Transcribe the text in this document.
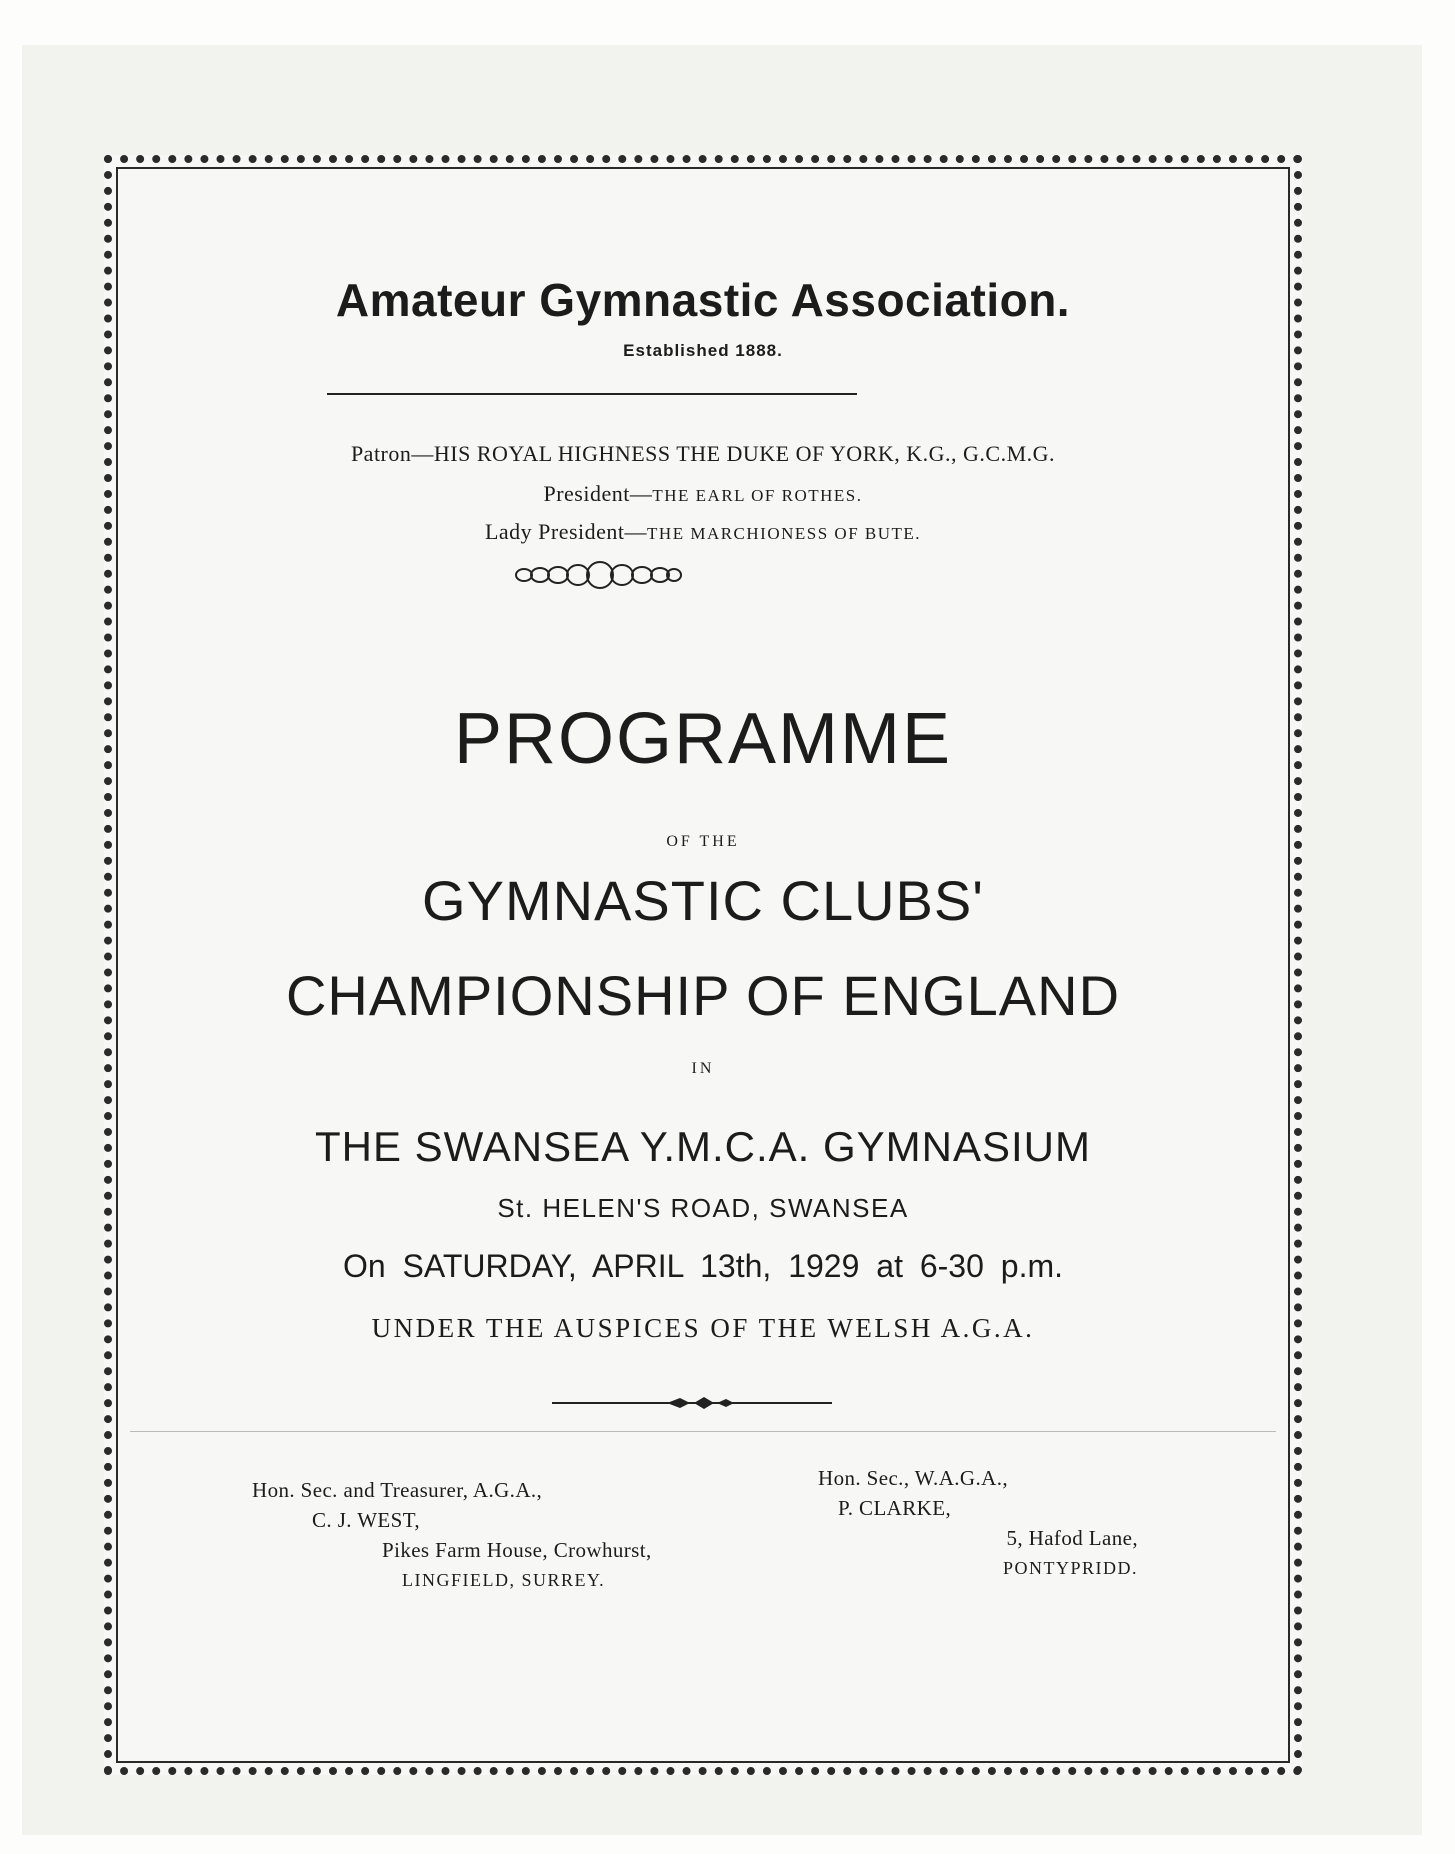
Amateur Gymnastic Association.
Established 1888.
Patron—HIS ROYAL HIGHNESS THE DUKE OF YORK, K.G., G.C.M.G.
President—THE EARL OF ROTHES.
Lady President—THE MARCHIONESS OF BUTE.
PROGRAMME
OF THE
GYMNASTIC CLUBS'
CHAMPIONSHIP OF ENGLAND
IN
THE SWANSEA Y.M.C.A. GYMNASIUM
St. HELEN'S ROAD, SWANSEA
On SATURDAY, APRIL 13th, 1929 at 6-30 p.m.
UNDER THE AUSPICES OF THE WELSH A.G.A.
Hon. Sec. and Treasurer, A.G.A.,
C. J. WEST,
Pikes Farm House, Crowhurst,
LINGFIELD, SURREY.
Hon. Sec., W.A.G.A.,
P. CLARKE,
5, Hafod Lane,
PONTYPRIDD.
